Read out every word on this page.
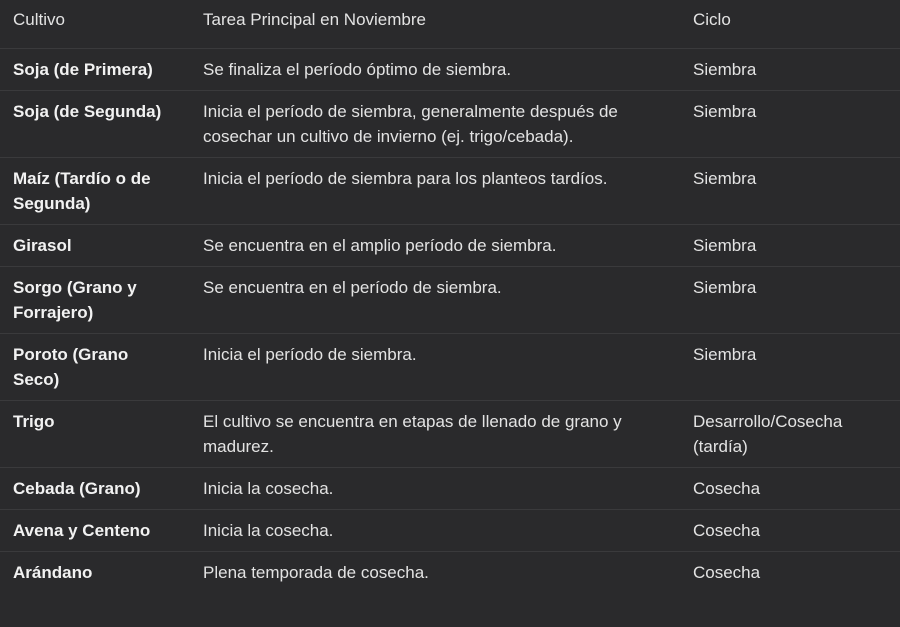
Cultivo	Tarea Principal en Noviembre	Ciclo
Soja (de Primera)	Se finaliza el período óptimo de siembra.	Siembra
Soja (de Segunda)	Inicia el período de siembra, generalmente después de cosechar un cultivo de invierno (ej. trigo/cebada).	Siembra
Maíz (Tardío o de Segunda)	Inicia el período de siembra para los planteos tardíos.	Siembra
Girasol	Se encuentra en el amplio período de siembra.	Siembra
Sorgo (Grano y Forrajero)	Se encuentra en el período de siembra.	Siembra
Poroto (Grano Seco)	Inicia el período de siembra.	Siembra
Trigo	El cultivo se encuentra en etapas de llenado de grano y madurez.	Desarrollo/Cosecha (tardía)
Cebada (Grano)	Inicia la cosecha.	Cosecha
Avena y Centeno	Inicia la cosecha.	Cosecha
Arándano	Plena temporada de cosecha.	Cosecha
